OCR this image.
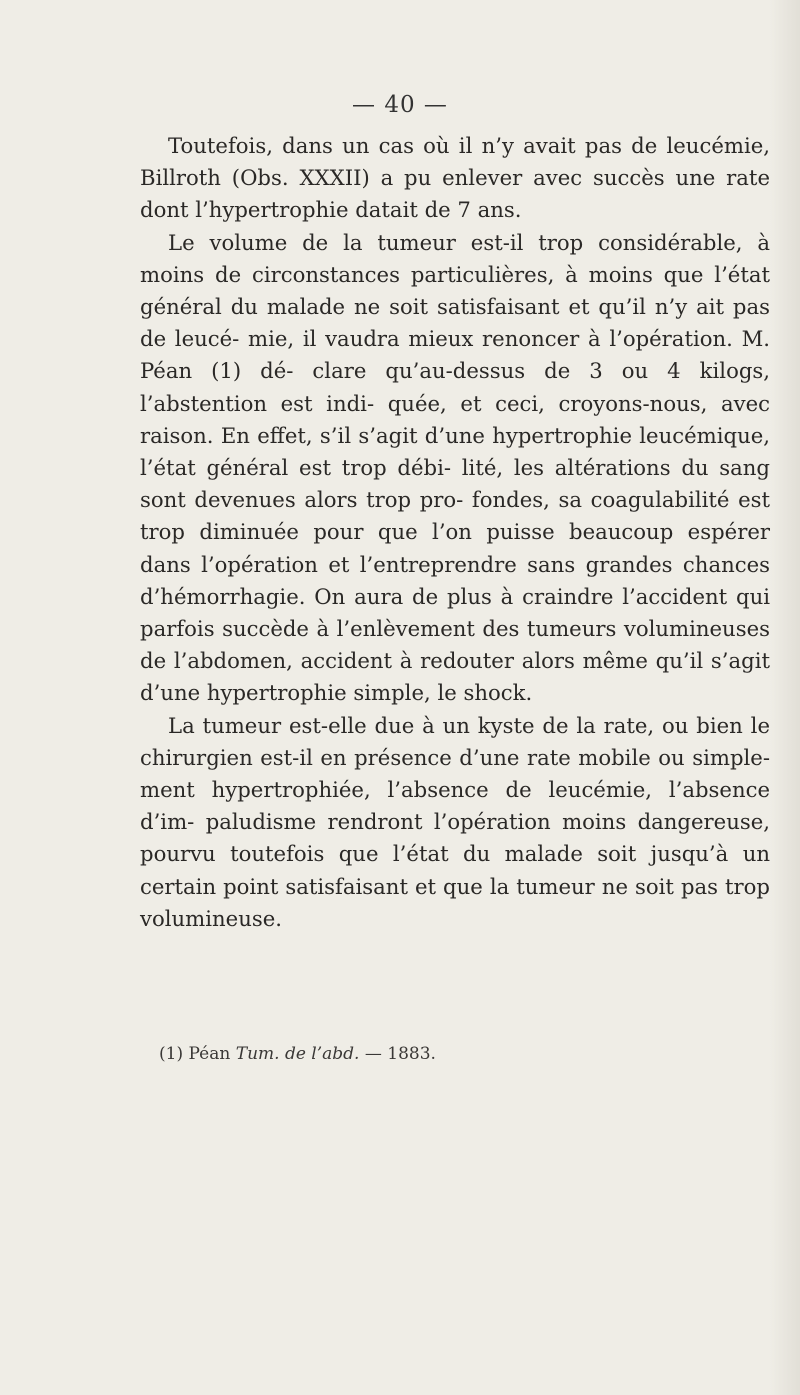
— 40 —

Toutefois, dans un cas où il n’y avait pas de leucémie, Billroth (Obs. XXXII) a pu enlever avec succès une rate dont l’hypertrophie datait de 7 ans.

Le volume de la tumeur est-il trop considérable, à moins de circonstances particulières, à moins que l’état général du malade ne soit satisfaisant et qu’il n’y ait pas de leucé- mie, il vaudra mieux renoncer à l’opération. M. Péan (1) dé- clare qu’au-dessus de 3 ou 4 kilogs, l’abstention est indi- quée, et ceci, croyons-nous, avec raison. En effet, s’il s’agit d’une hypertrophie leucémique, l’état général est trop débi- lité, les altérations du sang sont devenues alors trop pro- fondes, sa coagulabilité est trop diminuée pour que l’on puisse beaucoup espérer dans l’opération et l’entreprendre sans grandes chances d’hémorrhagie. On aura de plus à craindre l’accident qui parfois succède à l’enlèvement des tumeurs volumineuses de l’abdomen, accident à redouter alors même qu’il s’agit d’une hypertrophie simple, le shock.

La tumeur est-elle due à un kyste de la rate, ou bien le chirurgien est-il en présence d’une rate mobile ou simple- ment hypertrophiée, l’absence de leucémie, l’absence d’im- paludisme rendront l’opération moins dangereuse, pourvu toutefois que l’état du malade soit jusqu’à un certain point satisfaisant et que la tumeur ne soit pas trop volumineuse.

(1) Péan Tum. de l’abd. — 1883.
